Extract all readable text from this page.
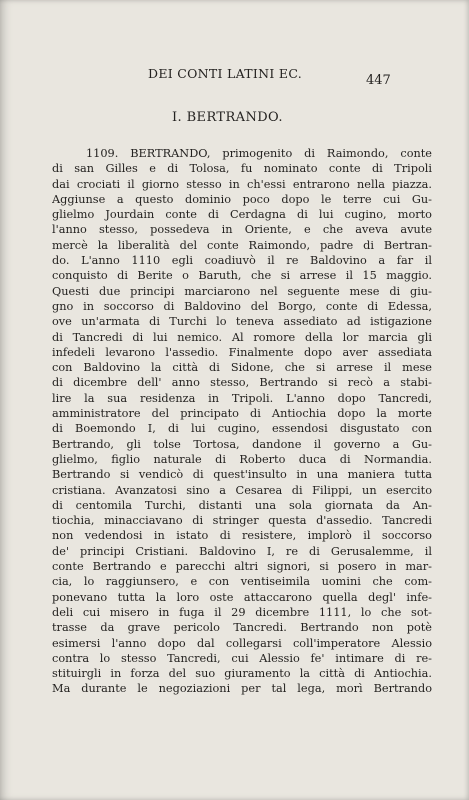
DEI CONTI LATINI EC.	447
I. BERTRANDO.
1109. BERTRANDO, primogenito di Raimondo, conte
di san Gilles e di Tolosa, fu nominato conte di Tripoli
dai crociati il giorno stesso in ch'essi entrarono nella piazza.
Aggiunse a questo dominio poco dopo le terre cui Gu-
glielmo Jourdain conte di Cerdagna di lui cugino, morto
l'anno stesso, possedeva in Oriente, e che aveva avute
mercè la liberalità del conte Raimondo, padre di Bertran-
do. L'anno 1110 egli coadiuvò il re Baldovino a far il
conquisto di Berite o Baruth, che si arrese il 15 maggio.
Questi due principi marciarono nel seguente mese di giu-
gno in soccorso di Baldovino del Borgo, conte di Edessa,
ove un'armata di Turchi lo teneva assediato ad istigazione
di Tancredi di lui nemico. Al romore della lor marcia gli
infedeli levarono l'assedio. Finalmente dopo aver assediata
con Baldovino la città di Sidone, che si arrese il mese
di dicembre dell' anno stesso, Bertrando si recò a stabi-
lire la sua residenza in Tripoli. L'anno dopo Tancredi,
amministratore del principato di Antiochia dopo la morte
di Boemondo I, di lui cugino, essendosi disgustato con
Bertrando, gli tolse Tortosa, dandone il governo a Gu-
glielmo, figlio naturale di Roberto duca di Normandia.
Bertrando si vendicò di quest'insulto in una maniera tutta
cristiana. Avanzatosi sino a Cesarea di Filippi, un esercito
di centomila Turchi, distanti una sola giornata da An-
tiochia, minacciavano di stringer questa d'assedio. Tancredi
non vedendosi in istato di resistere, implorò il soccorso
de' principi Cristiani. Baldovino I, re di Gerusalemme, il
conte Bertrando e parecchi altri signori, si posero in mar-
cia, lo raggiunsero, e con ventiseimila uomini che com-
ponevano tutta la loro oste attaccarono quella degl' infe-
deli cui misero in fuga il 29 dicembre 1111, lo che sot-
trasse da grave pericolo Tancredi. Bertrando non potè
esimersi l'anno dopo dal collegarsi coll'imperatore Alessio
contra lo stesso Tancredi, cui Alessio fe' intimare di re-
stituirgli in forza del suo giuramento la città di Antiochia.
Ma durante le negoziazioni per tal lega, morì Bertrando
